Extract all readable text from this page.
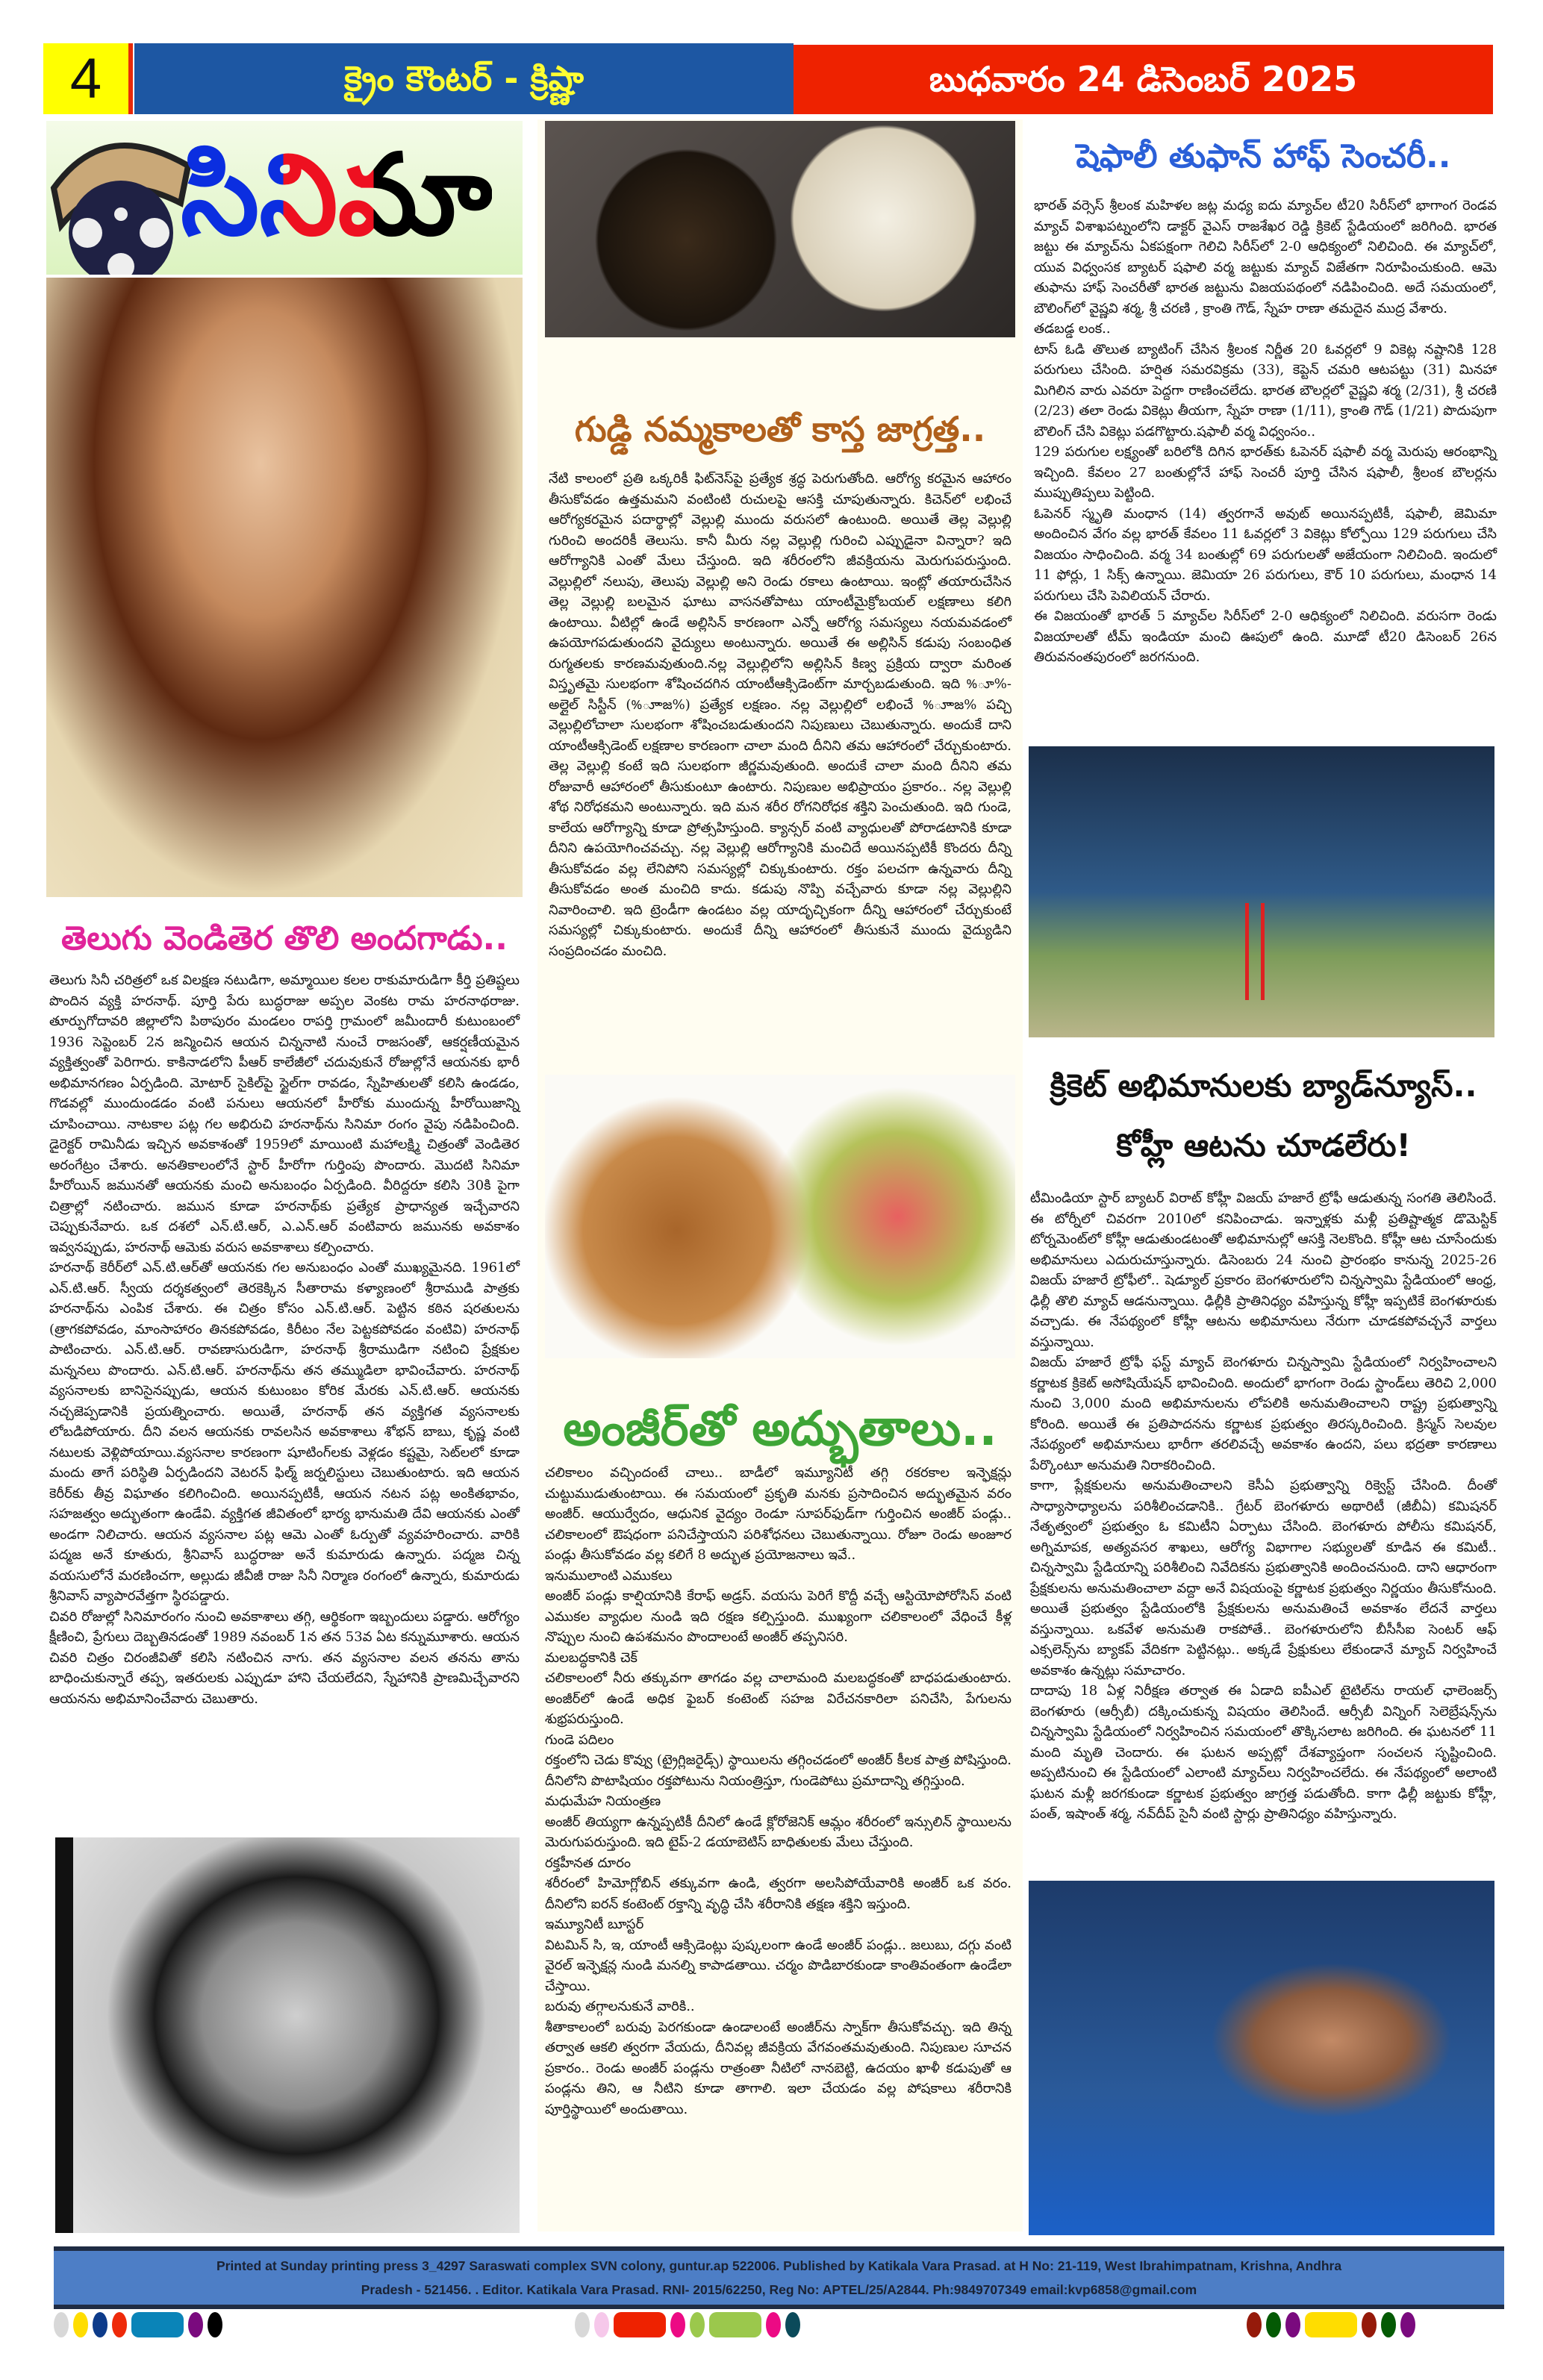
4	క్రైం కౌంటర్ - క్రిష్ణా	బుధవారం 24 డిసెంబర్ 2025
సినిమా
తెలుగు వెండితెర తొలి అందగాడు..

తెలుగు సినీ చరిత్రలో ఒక విలక్షణ నటుడిగా, అమ్మాయిల కలల రాకుమారుడిగా కీర్తి ప్రతిష్టలు పొందిన వ్యక్తి హరనాథ్. పూర్తి పేరు బుద్ధరాజు అప్పల వెంకట రామ హరనాథరాజు. తూర్పుగోదావరి జిల్లాలోని పిఠాపురం మండలం రాపర్తి గ్రామంలో జమీందారీ కుటుంబంలో 1936 సెప్టెంబర్ 2న జన్మించిన ఆయన చిన్ననాటి నుంచే రాజసంతో, ఆకర్షణీయమైన వ్యక్తిత్వంతో పెరిగారు. కాకినాడలోని పీఆర్ కాలేజీలో చదువుకునే రోజుల్లోనే ఆయనకు భారీ అభిమానగణం ఏర్పడింది. మోటార్ సైకిల్‌పై స్టైల్‌గా రావడం, స్నేహితులతో కలిసి ఉండడం, గొడవల్లో ముందుండడం వంటి పనులు ఆయనలో హీరోకు ముందున్న హీరోయిజాన్ని చూపించాయి. నాటకాల పట్ల గల అభిరుచి హరనాథ్‌ను సినిమా రంగం వైపు నడిపించింది. డైరెక్టర్ రామినీడు ఇచ్చిన అవకాశంతో 1959లో మాయింటి మహాలక్ష్మి చిత్రంతో వెండితెర అరంగేట్రం చేశారు. అనతికాలంలోనే స్టార్ హీరోగా గుర్తింపు పొందారు. మొదటి సినిమా హీరోయిన్ జమునతో ఆయనకు మంచి అనుబంధం ఏర్పడింది. వీరిద్దరూ కలిసి 30కి పైగా చిత్రాల్లో నటించారు. జమున కూడా హరనాథ్‌కు ప్రత్యేక ప్రాధాన్యత ఇచ్చేవారని చెప్పుకునేవారు. ఒక దశలో ఎన్.టి.ఆర్, ఎ.ఎన్.ఆర్ వంటివారు జమునకు అవకాశం ఇవ్వనప్పుడు, హరనాథ్ ఆమెకు వరుస అవకాశాలు కల్పించారు.

హరనాథ్ కెరీర్‌లో ఎన్.టి.ఆర్‌తో ఆయనకు గల అనుబంధం ఎంతో ముఖ్యమైనది. 1961లో ఎన్.టి.ఆర్. స్వీయ దర్శకత్వంలో తెరకెక్కిన సీతారామ కళ్యాణంలో శ్రీరాముడి పాత్రకు హరనాథ్‌ను ఎంపిక చేశారు. ఈ చిత్రం కోసం ఎన్.టి.ఆర్. పెట్టిన కఠిన షరతులను (త్రాగకపోవడం, మాంసాహారం తినకపోవడం, కిరీటం నేల పెట్టకపోవడం వంటివి) హరనాథ్ పాటించారు. ఎన్.టి.ఆర్. రావణాసురుడిగా, హరనాథ్ శ్రీరాముడిగా నటించి ప్రేక్షకుల మన్ననలు పొందారు. ఎన్.టి.ఆర్. హరనాథ్‌ను తన తమ్ముడిలా భావించేవారు. హరనాథ్ వ్యసనాలకు బానిసైనప్పుడు, ఆయన కుటుంబం కోరిక మేరకు ఎన్.టి.ఆర్. ఆయనకు నచ్చజెప్పడానికి ప్రయత్నించారు. అయితే, హరనాథ్ తన వ్యక్తిగత వ్యసనాలకు లోబడిపోయారు. దీని వలన ఆయనకు రావలసిన అవకాశాలు శోభన్ బాబు, కృష్ణ వంటి నటులకు వెళ్లిపోయాయి.వ్యసనాల కారణంగా షూటింగ్‌లకు వెళ్లడం కష్టమై, సెట్‌లలో కూడా మందు తాగే పరిస్థితి ఏర్పడిందని వెటరన్ ఫిల్మ్ జర్నలిస్టులు చెబుతుంటారు. ఇది ఆయన కెరీర్‌కు తీవ్ర విఘాతం కలిగించింది. అయినప్పటికీ, ఆయన నటన పట్ల అంకితభావం, సహజత్వం అద్భుతంగా ఉండేవి. వ్యక్తిగత జీవితంలో భార్య భానుమతి దేవి ఆయనకు ఎంతో అండగా నిలిచారు. ఆయన వ్యసనాల పట్ల ఆమె ఎంతో ఓర్పుతో వ్యవహరించారు. వారికి పద్మజ అనే కూతురు, శ్రీనివాస్ బుద్ధరాజు అనే కుమారుడు ఉన్నారు. పద్మజ చిన్న వయసులోనే మరణించగా, అల్లుడు జీవీజీ రాజు సినీ నిర్మాణ రంగంలో ఉన్నారు, కుమారుడు శ్రీనివాస్ వ్యాపారవేత్తగా స్థిరపడ్డారు.

చివరి రోజుల్లో సినిమారంగం నుంచి అవకాశాలు తగ్గి, ఆర్థికంగా ఇబ్బందులు పడ్డారు. ఆరోగ్యం క్షీణించి, ప్రేగులు దెబ్బతినడంతో 1989 నవంబర్ 1న తన 53వ ఏట కన్నుమూశారు. ఆయన చివరి చిత్రం చిరంజీవితో కలిసి నటించిన నాగు. తన వ్యసనాల వలన తనను తాను బాధించుకున్నారే తప్ప, ఇతరులకు ఎప్పుడూ హాని చేయలేదని, స్నేహానికి ప్రాణమిచ్చేవారని ఆయనను అభిమానించేవారు చెబుతారు.

గుడ్డి నమ్మకాలతో కాస్త జాగ్రత్త..

నేటి కాలంలో ప్రతి ఒక్కరికీ ఫిట్‌నెస్‌పై ప్రత్యేక శ్రద్ధ పెరుగుతోంది. ఆరోగ్య కరమైన ఆహారం తీసుకోవడం ఉత్తమమని వంటింటి రుచులపై ఆసక్తి చూపుతున్నారు. కిచెన్‌లో లభించే ఆరోగ్యకరమైన పదార్థాల్లో వెల్లుల్లి ముందు వరుసలో ఉంటుంది. అయితే తెల్ల వెల్లుల్లి గురించి అందరికీ తెలుసు. కానీ మీరు నల్ల వెల్లుల్లి గురించి ఎప్పుడైనా విన్నారా? ఇది ఆరోగ్యానికి ఎంతో మేలు చేస్తుంది. ఇది శరీరంలోని జీవక్రియను మెరుగుపరుస్తుంది. వెల్లుల్లిలో నలుపు, తెలుపు వెల్లుల్లి అని రెండు రకాలు ఉంటాయి. ఇంట్లో తయారుచేసిన తెల్ల వెల్లుల్లి బలమైన ఘాటు వాసనతోపాటు యాంటీమైక్రోబయల్ లక్షణాలు కలిగి ఉంటాయి. వీటిల్లో ఉండే అల్లిసిన్ కారణంగా ఎన్నో ఆరోగ్య సమస్యలు నయమవడంలో ఉపయోగపడుతుందని వైద్యులు అంటున్నారు. అయితే ఈ అల్లిసిన్ కడుపు సంబంధిత రుగ్మతలకు కారణమవుతుంది.నల్ల వెల్లుల్లిలోని అల్లిసిన్ కిణ్వ ప్రక్రియ ద్వారా మరింత విస్తృతమై సులభంగా శోషించదగిన యాంటీఆక్సిడెంట్‌గా మార్చబడుతుంది. ఇది %ూ%-అల్లైల్ సిస్టీన్ (%ూాజ%) ప్రత్యేక లక్షణం. నల్ల వెల్లుల్లిలో లభించే %ూాజ% పచ్చి వెల్లుల్లిలోచాలా సులభంగా శోషించబడుతుందని నిపుణులు చెబుతున్నారు. అందుకే దాని యాంటీఆక్సిడెంట్ లక్షణాల కారణంగా చాలా మంది దీనిని తమ ఆహారంలో చేర్చుకుంటారు. తెల్ల వెల్లుల్లి కంటే ఇది సులభంగా జీర్ణమవుతుంది. అందుకే చాలా మంది దీనిని తమ రోజువారీ ఆహారంలో తీసుకుంటూ ఉంటారు. నిపుణుల అభిప్రాయం ప్రకారం.. నల్ల వెల్లుల్లి శోథ నిరోధకమని అంటున్నారు. ఇది మన శరీర రోగనిరోధక శక్తిని పెంచుతుంది. ఇది గుండె, కాలేయ ఆరోగ్యాన్ని కూడా ప్రోత్సహిస్తుంది. క్యాన్సర్ వంటి వ్యాధులతో పోరాడటానికి కూడా దీనిని ఉపయోగించవచ్చు. నల్ల వెల్లుల్లి ఆరోగ్యానికి మంచిదే అయినప్పటికీ కొందరు దీన్ని తీసుకోవడం వల్ల లేనిపోని సమస్యల్లో చిక్కుకుంటారు. రక్తం పలచగా ఉన్నవారు దీన్ని తీసుకోవడం అంత మంచిది కాదు. కడుపు నొప్పి వచ్చేవారు కూడా నల్ల వెల్లుల్లిని నివారించాలి. ఇది ట్రెండీగా ఉండటం వల్ల యాదృచ్ఛికంగా దీన్ని ఆహారంలో చేర్చుకుంటే సమస్యల్లో చిక్కుకుంటారు. అందుకే దీన్ని ఆహారంలో తీసుకునే ముందు వైద్యుడిని సంప్రదించడం మంచిది.

అంజీర్‌తో అద్భుతాలు..

చలికాలం వచ్చిందంటే చాలు.. బాడీలో ఇమ్యూనిటీ తగ్గి రకరకాల ఇన్ఫెక్షన్లు చుట్టుముడుతుంటాయి. ఈ సమయంలో ప్రకృతి మనకు ప్రసాదించిన అద్భుతమైన వరం అంజీర్. ఆయుర్వేదం, ఆధునిక వైద్యం రెండూ సూపర్‌ఫుడ్‌గా గుర్తించిన అంజీర్ పండ్లు.. చలికాలంలో ఔషధంగా పనిచేస్తాయని పరిశోధనలు చెబుతున్నాయి. రోజూ రెండు అంజూర పండ్లు తీసుకోవడం వల్ల కలిగే 8 అద్భుత ప్రయోజనాలు ఇవే..

ఇనుములాంటి ఎముకలు

అంజీర్ పండ్లు కాల్షియానికి కేరాఫ్ అడ్రస్. వయసు పెరిగే కొద్దీ వచ్చే ఆస్టియోపోరోసిస్ వంటి ఎముకల వ్యాధుల నుండి ఇది రక్షణ కల్పిస్తుంది. ముఖ్యంగా చలికాలంలో వేధించే కీళ్ల నొప్పుల నుంచి ఉపశమనం పొందాలంటే అంజీర్ తప్పనిసరి.

మలబద్ధకానికి చెక్

చలికాలంలో నీరు తక్కువగా తాగడం వల్ల చాలామంది మలబద్ధకంతో బాధపడుతుంటారు. అంజీర్‌లో ఉండే అధిక ఫైబర్ కంటెంట్ సహజ విరేచనకారిలా పనిచేసి, పేగులను శుభ్రపరుస్తుంది.

గుండె పదిలం

రక్తంలోని చెడు కొవ్వు (ట్రైగ్లిజరైడ్స్) స్థాయిలను తగ్గించడంలో అంజీర్ కీలక పాత్ర పోషిస్తుంది. దీనిలోని పొటాషియం రక్తపోటును నియంత్రిస్తూ, గుండెపోటు ప్రమాదాన్ని తగ్గిస్తుంది.

మధుమేహ నియంత్రణ

అంజీర్ తియ్యగా ఉన్నప్పటికీ దీనిలో ఉండే క్లోరోజెనిక్ ఆమ్లం శరీరంలో ఇన్సులిన్ స్థాయిలను మెరుగుపరుస్తుంది. ఇది టైప్-2 డయాబెటిస్ బాధితులకు మేలు చేస్తుంది.

రక్తహీనత దూరం

శరీరంలో హిమోగ్లోబిన్ తక్కువగా ఉండి, త్వరగా అలసిపోయేవారికి అంజీర్ ఒక వరం. దీనిలోని ఐరన్ కంటెంట్ రక్తాన్ని వృద్ధి చేసి శరీరానికి తక్షణ శక్తిని ఇస్తుంది.

ఇమ్యూనిటీ బూస్టర్

విటమిన్ సి, ఇ, యాంటీ ఆక్సిడెంట్లు పుష్కలంగా ఉండే అంజీర్ పండ్లు.. జలుబు, దగ్గు వంటి వైరల్ ఇన్ఫెక్షన్ల నుండి మనల్ని కాపాడతాయి. చర్మం పొడిబారకుండా కాంతివంతంగా ఉండేలా చేస్తాయి.

బరువు తగ్గాలనుకునే వారికి..

శీతాకాలంలో బరువు పెరగకుండా ఉండాలంటే అంజీర్‌ను స్నాక్‌గా తీసుకోవచ్చు. ఇది తిన్న తర్వాత ఆకలి త్వరగా వేయదు, దీనివల్ల జీవక్రియ వేగవంతమవుతుంది. నిపుణుల సూచన ప్రకారం.. రెండు అంజీర్ పండ్లను రాత్రంతా నీటిలో నానబెట్టి, ఉదయం ఖాళీ కడుపుతో ఆ పండ్లను తిని, ఆ నీటిని కూడా తాగాలి. ఇలా చేయడం వల్ల పోషకాలు శరీరానికి పూర్తిస్థాయిలో అందుతాయి.

షెఫాలీ తుఫాన్ హాఫ్ సెంచరీ..

భారత్ వర్సెస్ శ్రీలంక మహిళల జట్ల మధ్య ఐదు మ్యాచ్‌ల టీ20 సిరీస్‌లో భాగాంగ రెండవ మ్యాచ్ విశాఖపట్నంలోని డాక్టర్ వైఎస్ రాజశేఖర రెడ్డి క్రికెట్ స్టేడియంలో జరిగింది. భారత జట్టు ఈ మ్యాచ్‌ను ఏకపక్షంగా గెలిచి సిరీస్‌లో 2-0 ఆధిక్యంలో నిలిచింది. ఈ మ్యాచ్‌లో, యువ విధ్వంసక బ్యాటర్ షఫాలి వర్మ జట్టుకు మ్యాచ్ విజేతగా నిరూపించుకుంది. ఆమె తుఫాను హాఫ్ సెంచరీతో భారత జట్టును విజయపథంలో నడిపించింది. అదే సమయంలో, బౌలింగ్‌లో వైష్ణవి శర్మ, శ్రీ చరణి , క్రాంతి గౌడ్, స్నేహ రాణా తమదైన ముద్ర వేశారు.

తడబడ్డ లంక..

టాస్ ఓడి తొలుత బ్యాటింగ్ చేసిన శ్రీలంక నిర్ణీత 20 ఓవర్లలో 9 వికెట్ల నష్టానికి 128 పరుగులు చేసింది. హర్షిత సమరవిక్రమ (33), కెప్టెన్ చమరి ఆటపట్టు (31) మినహా మిగిలిన వారు ఎవరూ పెద్దగా రాణించలేదు. భారత బౌలర్లలో వైష్ణవి శర్మ (2/31), శ్రీ చరణి (2/23) తలా రెండు వికెట్లు తీయగా, స్నేహ రాణా (1/11), క్రాంతి గౌడ్ (1/21) పొదుపుగా బౌలింగ్ చేసి వికెట్లు పడగొట్టారు.షఫాలీ వర్మ విధ్వంసం..

129 పరుగుల లక్ష్యంతో బరిలోకి దిగిన భారత్‌కు ఓపెనర్ షఫాలీ వర్మ మెరుపు ఆరంభాన్ని ఇచ్చింది. కేవలం 27 బంతుల్లోనే హాఫ్ సెంచరీ పూర్తి చేసిన షఫాలీ, శ్రీలంక బౌలర్లను ముప్పుతిప్పలు పెట్టింది.

ఓపెనర్ స్మృతి మంధాన (14) త్వరగానే అవుట్ అయినప్పటికీ, షఫాలీ, జెమిమా అందించిన వేగం వల్ల భారత్ కేవలం 11 ఓవర్లలో 3 వికెట్లు కోల్పోయి 129 పరుగులు చేసి విజయం సాధించింది. వర్మ 34 బంతుల్లో 69 పరుగులతో అజేయంగా నిలిచింది. ఇందులో 11 ఫోర్లు, 1 సిక్స్ ఉన్నాయి. జెమియా 26 పరుగులు, కౌర్ 10 పరుగులు, మంధాన 14 పరుగులు చేసి పెవిలియన్ చేరారు.

ఈ విజయంతో భారత్ 5 మ్యాచ్‌ల సిరీస్‌లో 2-0 ఆధిక్యంలో నిలిచింది. వరుసగా రెండు విజయాలతో టీమ్ ఇండియా మంచి ఊపులో ఉంది. మూడో టీ20 డిసెంబర్ 26న తిరువనంతపురంలో జరగనుంది.

క్రికెట్ అభిమానులకు బ్యాడ్‌న్యూస్..
కోహ్లీ ఆటను చూడలేరు!

టీమిండియా స్టార్ బ్యాటర్ విరాట్ కోహ్లీ విజయ్ హజారే ట్రోఫీ ఆడుతున్న సంగతి తెలిసిందే. ఈ టోర్నీలో చివరగా 2010లో కనిపించాడు. ఇన్నాళ్లకు మళ్లీ ప్రతిష్టాత్మక డొమెస్టిక్ టోర్నమెంట్‌లో కోహ్లీ ఆడుతుండటంతో అభిమానుల్లో ఆసక్తి నెలకొంది. కోహ్లీ ఆట చూసేందుకు అభిమానులు ఎదురుచూస్తున్నారు. డిసెంబరు 24 నుంచి ప్రారంభం కానున్న 2025-26 విజయ్ హజారే ట్రోఫీలో.. షెడ్యూల్ ప్రకారం బెంగళూరులోని చిన్నస్వామి స్టేడియంలో ఆంధ్ర, ఢిల్లీ తొలి మ్యాచ్ ఆడనున్నాయి. ఢిల్లీకి ప్రాతినిధ్యం వహిస్తున్న కోహ్లీ ఇప్పటికే బెంగళూరుకు వచ్చాడు. ఈ నేపథ్యంలో కోహ్లీ ఆటను అభిమానులు నేరుగా చూడకపోవచ్చనే వార్తలు వస్తున్నాయి.

విజయ్ హజారే ట్రోఫీ ఫస్ట్ మ్యాచ్ బెంగళూరు చిన్నస్వామి స్టేడియంలో నిర్వహించాలని కర్ణాటక క్రికెట్ అసోషియేషన్ భావించింది. అందులో భాగంగా రెండు స్టాండ్‌లు తెరిచి 2,000 నుంచి 3,000 మంది అభిమానులను లోపలికి అనుమతించాలని రాష్ట్ర ప్రభుత్వాన్ని కోరింది. అయితే ఈ ప్రతిపాదనను కర్ణాటక ప్రభుత్వం తిరస్కరించింది. క్రిస్మస్ సెలవుల నేపథ్యంలో అభిమానులు భారీగా తరలివచ్చే అవకాశం ఉందని, పలు భద్రతా కారణాలు పేర్కొంటూ అనుమతి నిరాకరించింది.

కాగా, ప్లేక్షకులను అనుమతించాలని కెసీఏ ప్రభుత్వాన్ని రిక్వెస్ట్ చేసింది. దీంతో సాధ్యాసాధ్యాలను పరిశీలించడానికి.. గ్రేటర్ బెంగళూరు అథారిటీ (జీబీఏ) కమిషనర్ నేతృత్వంలో ప్రభుత్వం ఓ కమిటీని ఏర్పాటు చేసింది. బెంగళూరు పోలీసు కమిషనర్, అగ్నిమాపక, అత్యవసర శాఖలు, ఆరోగ్య విభాగాల సభ్యులతో కూడిన ఈ కమిటీ.. చిన్నస్వామి స్టేడియాన్ని పరిశీలించి నివేదికను ప్రభుత్వానికి అందించనుంది. దాని ఆధారంగా ప్రేక్షకులను అనుమతించాలా వద్దా అనే విషయంపై కర్ణాటక ప్రభుత్వం నిర్ణయం తీసుకోనుంది. అయితే ప్రభుత్వం స్టేడియంలోకి ప్రేక్షకులను అనుమతించే అవకాశం లేదనే వార్తలు వస్తున్నాయి. ఒకవేళ అనుమతి రాకపోతే.. బెంగళూరులోని బీసీసీఐ సెంటర్ ఆఫ్ ఎక్సలెన్స్‌ను బ్యాకప్ వేదికగా పెట్టినట్లు.. అక్కడే ప్రేక్షుకులు లేకుండానే మ్యాచ్ నిర్వహించే అవకాశం ఉన్నట్లు సమాచారం.

దాదాపు 18 ఏళ్ల నిరీక్షణ తర్వాత ఈ ఏడాది ఐపీఎల్ టైటిల్‌ను రాయల్ ఛాలెంజర్స్ బెంగళూరు (ఆర్సీబీ) దక్కించుకున్న విషయం తెలిసిందే. ఆర్సీబీ విన్నింగ్ సెలెబ్రేషన్స్‌ను చిన్నస్వామి స్టేడియంలో నిర్వహించిన సమయంలో తొక్కిసలాట జరిగింది. ఈ ఘటనలో 11 మంది మృతి చెందారు. ఈ ఘటన అప్పట్లో దేశవ్యాప్తంగా సంచలన సృష్టించింది. అప్పటినుంచి ఈ స్టేడియంలో ఎలాంటి మ్యాచ్‌లు నిర్వహించలేదు. ఈ నేపథ్యంలో అలాంటి ఘటన మళ్లీ జరగకుండా కర్ణాటక ప్రభుత్వం జాగ్రత్త పడుతోంది. కాగా ఢిల్లీ జట్టుకు కోహ్లీ, పంత్, ఇషాంత్ శర్మ, నవ్‌దీప్ సైనీ వంటి స్టార్లు ప్రాతినిధ్యం వహిస్తున్నారు.

Printed at Sunday printing press 3_4297 Saraswati complex SVN colony, guntur.ap 522006. Published by Katikala Vara Prasad. at H No: 21-119, West Ibrahimpatnam, Krishna, Andhra
Pradesh - 521456. . Editor. Katikala Vara Prasad. RNI- 2015/62250, Reg No: APTEL/25/A2844. Ph:9849707349 email:kvp6858@gmail.com
